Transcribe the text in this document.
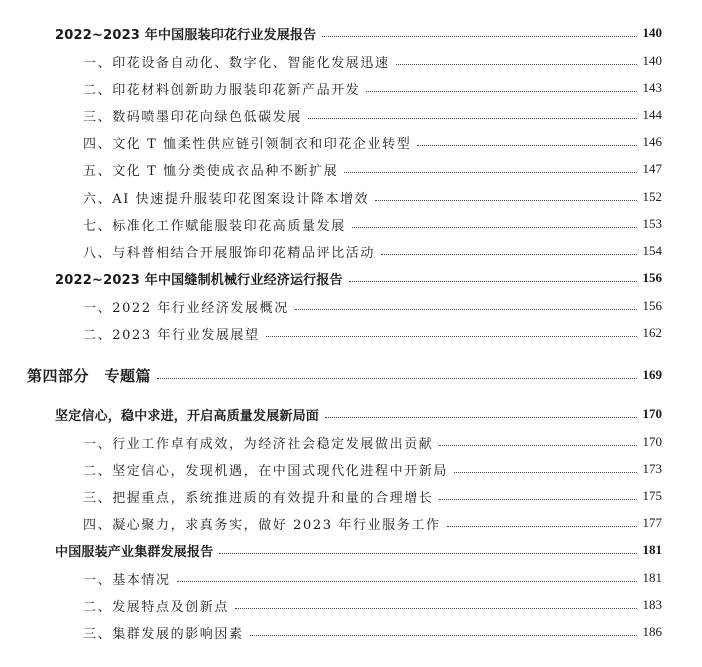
2022~2023 年中国服装印花行业发展报告	140
一、印花设备自动化、数字化、智能化发展迅速	140
二、印花材料创新助力服装印花新产品开发	143
三、数码喷墨印花向绿色低碳发展	144
四、文化 T 恤柔性供应链引领制衣和印花企业转型	146
五、文化 T 恤分类使成衣品种不断扩展	147
六、AI 快速提升服装印花图案设计降本增效	152
七、标准化工作赋能服装印花高质量发展	153
八、与科普相结合开展服饰印花精品评比活动	154
2022~2023 年中国缝制机械行业经济运行报告	156
一、2022 年行业经济发展概况	156
二、2023 年行业发展展望	162
第四部分　专题篇	169
坚定信心，稳中求进，开启高质量发展新局面	170
一、行业工作卓有成效，为经济社会稳定发展做出贡献	170
二、坚定信心，发现机遇，在中国式现代化进程中开新局	173
三、把握重点，系统推进质的有效提升和量的合理增长	175
四、凝心聚力，求真务实，做好 2023 年行业服务工作	177
中国服装产业集群发展报告	181
一、基本情况	181
二、发展特点及创新点	183
三、集群发展的影响因素	186
